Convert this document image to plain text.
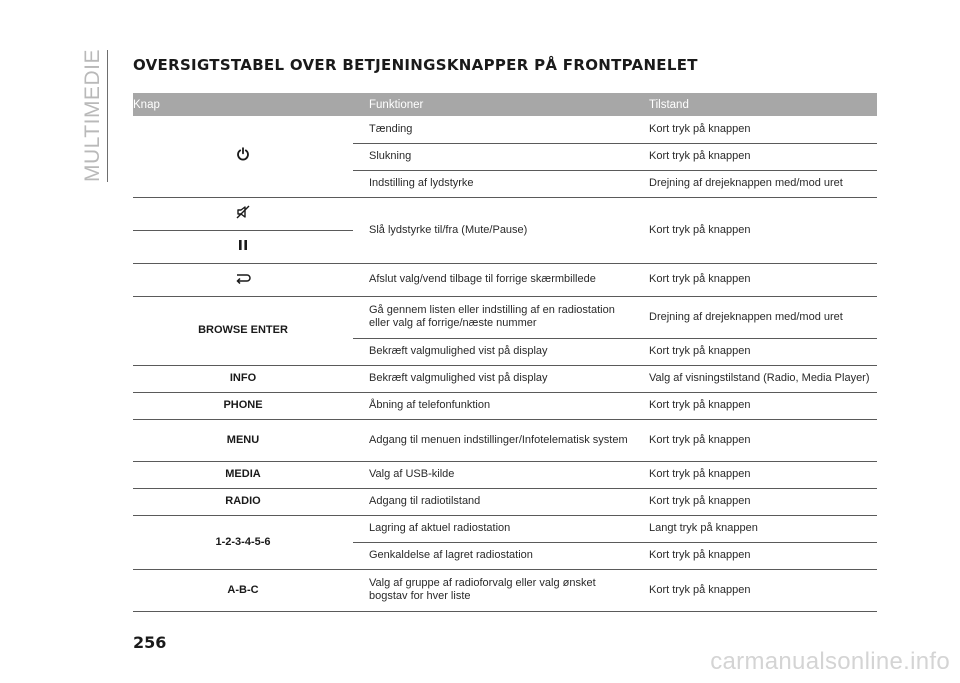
MULTIMEDIE OVERSIGTSTABEL OVER BETJENINGSKNAPPER PÅ FRONTPANELET
Knap	Funktioner	Tilstand
	Tænding	Kort tryk på knappen
	Slukning	Kort tryk på knappen
	Indstilling af lydstyrke	Drejning af drejeknappen med/mod uret
	Slå lydstyrke til/fra (Mute/Pause)	Kort tryk på knappen

	Afslut valg/vend tilbage til forrige skærmbillede	Kort tryk på knappen
BROWSE ENTER	Gå gennem listen eller indstilling af en radiostation eller valg af forrige/næste nummer	Drejning af drejeknappen med/mod uret
	Bekræft valgmulighed vist på display	Kort tryk på knappen
INFO	Bekræft valgmulighed vist på display	Valg af visningstilstand (Radio, Media Player)
PHONE	Åbning af telefonfunktion	Kort tryk på knappen
MENU	Adgang til menuen indstillinger/Infotelematisk system	Kort tryk på knappen
MEDIA	Valg af USB-kilde	Kort tryk på knappen
RADIO	Adgang til radiotilstand	Kort tryk på knappen
1-2-3-4-5-6	Lagring af aktuel radiostation	Langt tryk på knappen
	Genkaldelse af lagret radiostation	Kort tryk på knappen
A-B-C	Valg af gruppe af radioforvalg eller valg ønsket bogstav for hver liste	Kort tryk på knappen
256
carmanualsonline.info
